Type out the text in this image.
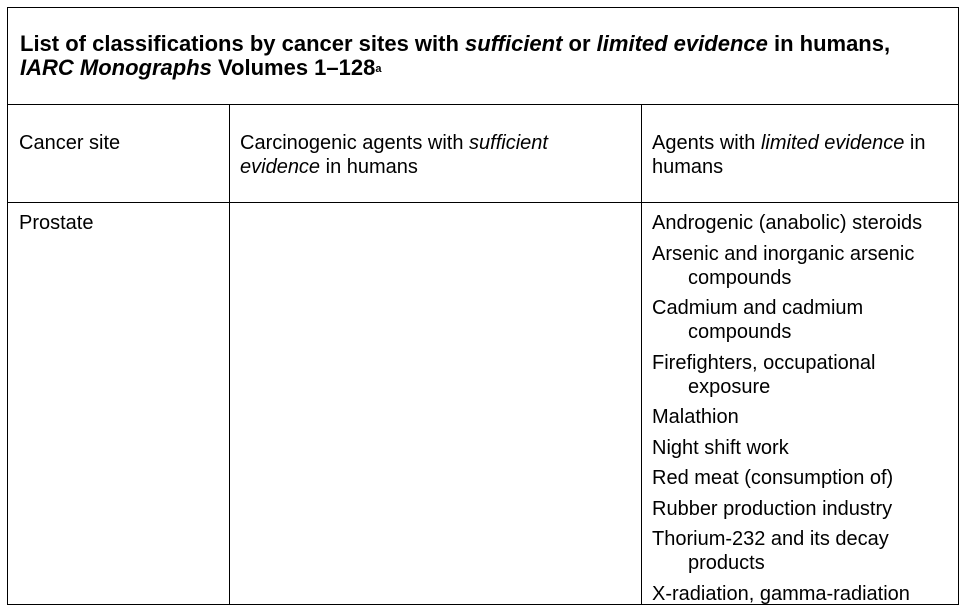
List of classifications by cancer sites with sufficient or limited evidence in humans, IARC Monographs Volumes 1–128$^a$

Cancer site	Carcinogenic agents with sufficient evidence in humans
Agents with limited evidence in humans
Prostate	Androgenic (anabolic) steroids
Arsenic and inorganic arsenic compounds
Cadmium and cadmium compounds
Firefighters, occupational exposure
Malathion
Night shift work
Red meat (consumption of)
Rubber production industry
Thorium-232 and its decay products
X-radiation, gamma-radiation
